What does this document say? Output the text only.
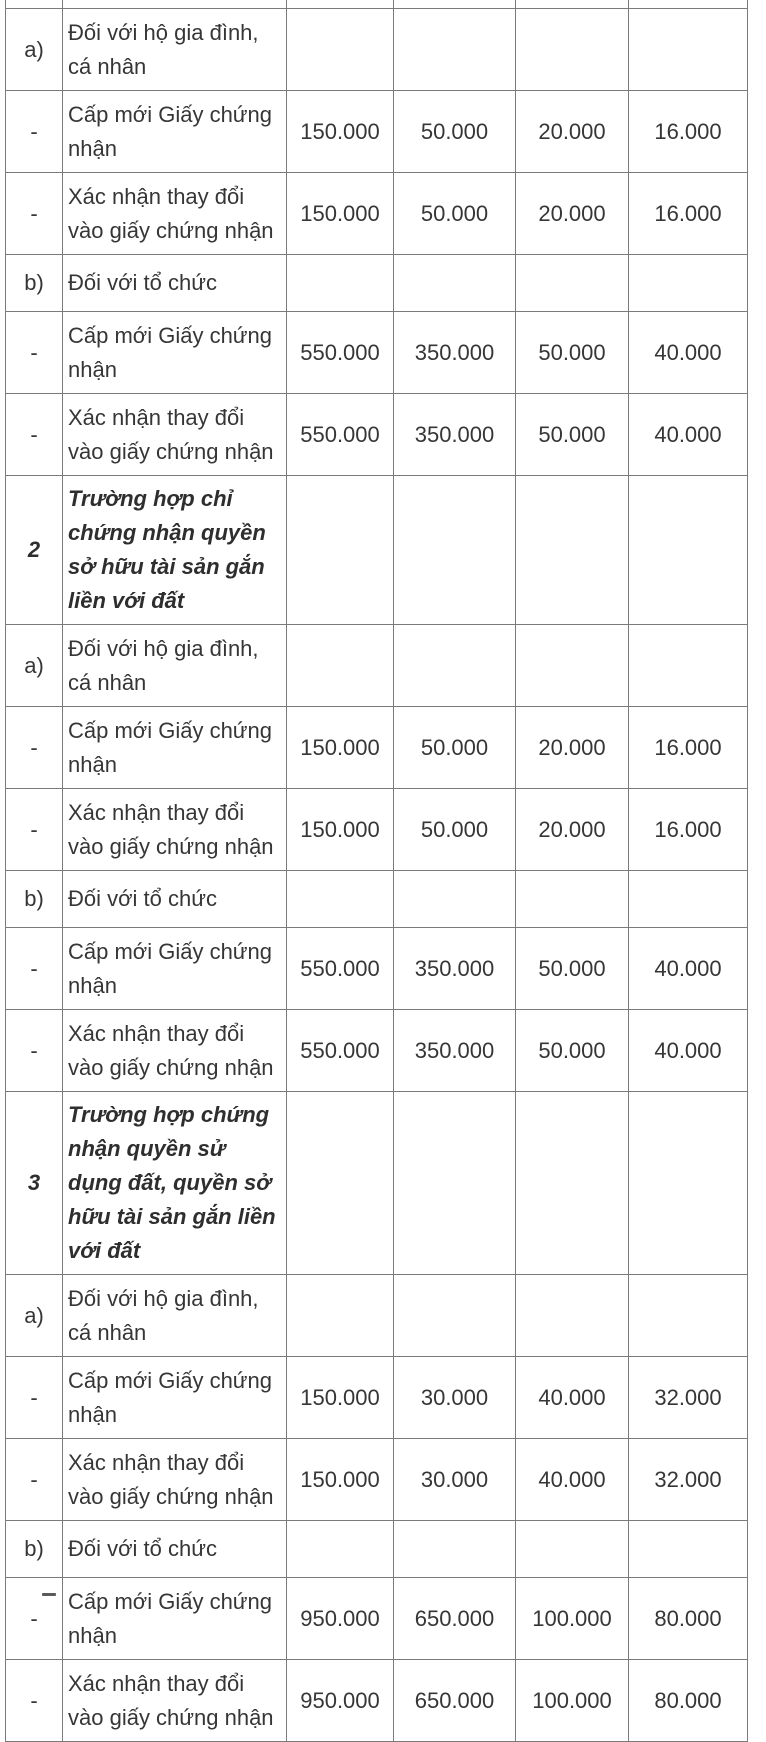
a)	Đối với hộ gia đình, cá nhân				
-	Cấp mới Giấy chứng nhận	150.000	50.000	20.000	16.000
-	Xác nhận thay đổi vào giấy chứng nhận	150.000	50.000	20.000	16.000
b)	Đối với tổ chức				
-	Cấp mới Giấy chứng nhận	550.000	350.000	50.000	40.000
-	Xác nhận thay đổi vào giấy chứng nhận	550.000	350.000	50.000	40.000
2	Trường hợp chỉ chứng nhận quyền sở hữu tài sản gắn liền với đất				
a)	Đối với hộ gia đình, cá nhân				
-	Cấp mới Giấy chứng nhận	150.000	50.000	20.000	16.000
-	Xác nhận thay đổi vào giấy chứng nhận	150.000	50.000	20.000	16.000
b)	Đối với tổ chức				
-	Cấp mới Giấy chứng nhận	550.000	350.000	50.000	40.000
-	Xác nhận thay đổi vào giấy chứng nhận	550.000	350.000	50.000	40.000
3	Trường hợp chứng nhận quyền sử dụng đất, quyền sở hữu tài sản gắn liền với đất				
a)	Đối với hộ gia đình, cá nhân				
-	Cấp mới Giấy chứng nhận	150.000	30.000	40.000	32.000
-	Xác nhận thay đổi vào giấy chứng nhận	150.000	30.000	40.000	32.000
b)	Đối với tổ chức				
-	Cấp mới Giấy chứng nhận	950.000	650.000	100.000	80.000
-	Xác nhận thay đổi vào giấy chứng nhận	950.000	650.000	100.000	80.000
